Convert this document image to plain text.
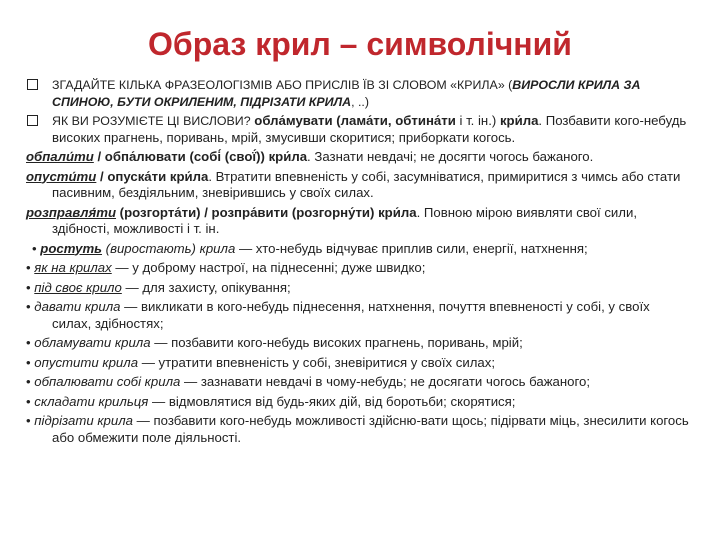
Образ крил – символічний
ЗГАДАЙТЕ КІЛЬКА ФРАЗЕОЛОГІЗМІВ АБО ПРИСЛІВ ЇВ ЗІ СЛОВОМ «КРИЛА» (ВИРОСЛИ КРИЛА ЗА СПИНОЮ, БУТИ ОКРИЛЕНИМ, ПІДРІЗАТИ КРИЛА, ..)
ЯК ВИ РОЗУМІЄТЕ ЦІ ВИСЛОВИ? обла́мувати (лама́ти, обтина́ти і т. ін.) кри́ла. Позбавити кого-небудь високих прагнень, поривань, мрій, змусивши скоритися; приборкати когось.
обпали́ти / обпа́лювати (собі́ (свої́)) кри́ла. Зазнати невдачі; не досягти чогось бажаного.
опусти́ти / опуска́ти кри́ла. Втратити впевненість у собі, засумніватися, примиритися з чимсь або стати пасивним, бездіяльним, зневірившись у своїх силах.
розправля́ти (розгорта́ти) / розпра́вити (розгорну́ти) кри́ла. Повною мірою виявляти свої сили, здібності, можливості і т. ін.
• ростуть (виростають) крила — хто-небудь відчуває приплив сили, енергії, натхнення;
• як на крилах — у доброму настрої, на піднесенні; дуже швидко;
• під своє крило — для захисту, опікування;
• давати крила — викликати в кого-небудь піднесення, натхнення, почуття впевненості у собі, у своїх силах, здібностях;
• обламувати крила — позбавити кого-небудь високих прагнень, поривань, мрій;
• опустити крила — утратити впевненість у собі, зневіритися у своїх силах;
• обпалювати собі крила — зазнавати невдачі в чому-небудь; не досягати чогось бажаного;
• складати крильця — відмовлятися від будь-яких дій, від боротьби; скорятися;
• підрізати крила — позбавити кого-небудь можливості здійсню-вати щось; підірвати міць, знесилити когось або обмежити поле діяльності.
